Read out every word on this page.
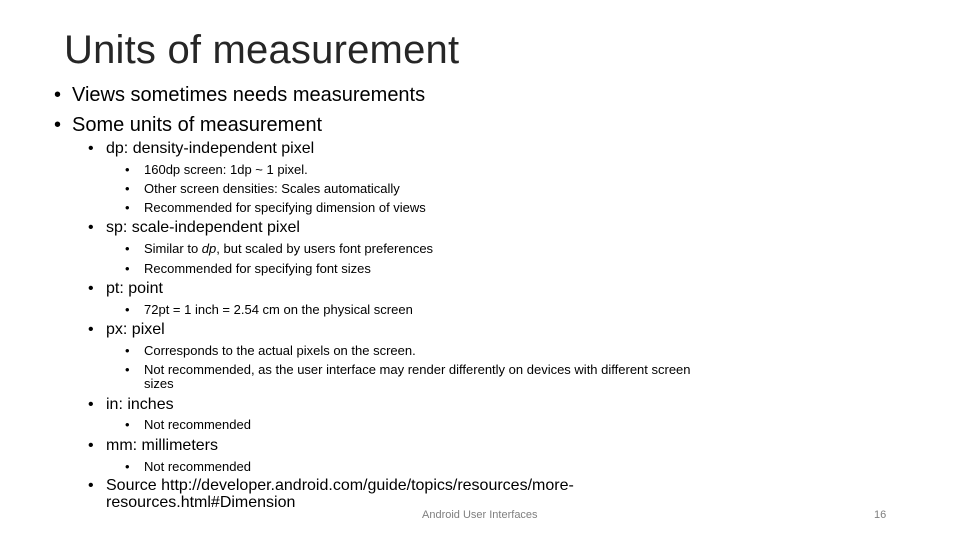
Units of measurement
• Views sometimes needs measurements
• Some units of measurement
• dp: density-independent pixel
• 160dp screen: 1dp ~ 1 pixel.
• Other screen densities: Scales automatically
• Recommended for specifying dimension of views
• sp: scale-independent pixel
• Similar to dp, but scaled by users font preferences
• Recommended for specifying font sizes
• pt: point
• 72pt = 1 inch = 2.54 cm on the physical screen
• px: pixel
• Corresponds to the actual pixels on the screen.
• Not recommended, as the user interface may render differently on devices with different screen
sizes
• in: inches
• Not recommended
• mm: millimeters
• Not recommended
• Source http://developer.android.com/guide/topics/resources/more-
resources.html#Dimension
Android User Interfaces	16
